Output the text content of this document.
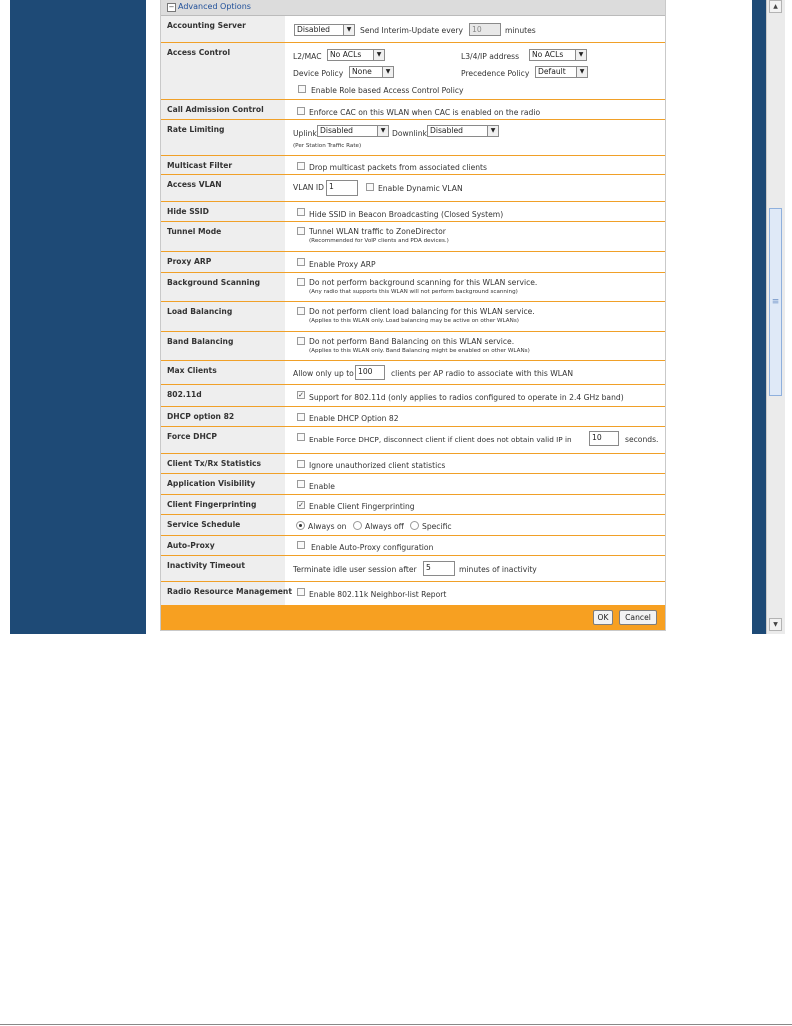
▲
≡
▼
− Advanced Options
Accounting Server	Disabled	▼	Send Interim-Update every	10	minutes
Access Control	L2/MAC	No ACLs	▼	L3/4/IP address	No ACLs	▼
Device Policy	None	▼	Precedence Policy	Default	▼
Enable Role based Access Control Policy
Call Admission Control	Enforce CAC on this WLAN when CAC is enabled on the radio
Rate Limiting	Uplink Disabled	▼ Downlink Disabled	▼
(Per Station Traffic Rate)
Multicast Filter	Drop multicast packets from associated clients
Access VLAN	VLAN ID 1	Enable Dynamic VLAN
Hide SSID	Hide SSID in Beacon Broadcasting (Closed System)
Tunnel Mode	Tunnel WLAN traffic to ZoneDirector
(Recommended for VoIP clients and PDA devices.)
Proxy ARP	Enable Proxy ARP
Background Scanning	Do not perform background scanning for this WLAN service.
(Any radio that supports this WLAN will not perform background scanning)
Load Balancing	Do not perform client load balancing for this WLAN service.
(Applies to this WLAN only. Load balancing may be active on other WLANs)
Band Balancing	Do not perform Band Balancing on this WLAN service.
(Applies to this WLAN only. Band Balancing might be enabled on other WLANs)
Max Clients	Allow only up to 100	clients per AP radio to associate with this WLAN
802.11d	✓ Support for 802.11d (only applies to radios configured to operate in 2.4 GHz band)
DHCP option 82	Enable DHCP Option 82
Force DHCP	Enable Force DHCP, disconnect client if client does not obtain valid IP in	10	seconds.
Client Tx/Rx Statistics	Ignore unauthorized client statistics
Application Visibility	Enable
Client Fingerprinting	✓ Enable Client Fingerprinting
Service Schedule	Always on Always off Specific
Auto-Proxy	Enable Auto-Proxy configuration
Inactivity Timeout	Terminate idle user session after	5	minutes of inactivity
Radio Resource Management Enable 802.11k Neighbor-list Report
OK	Cancel
